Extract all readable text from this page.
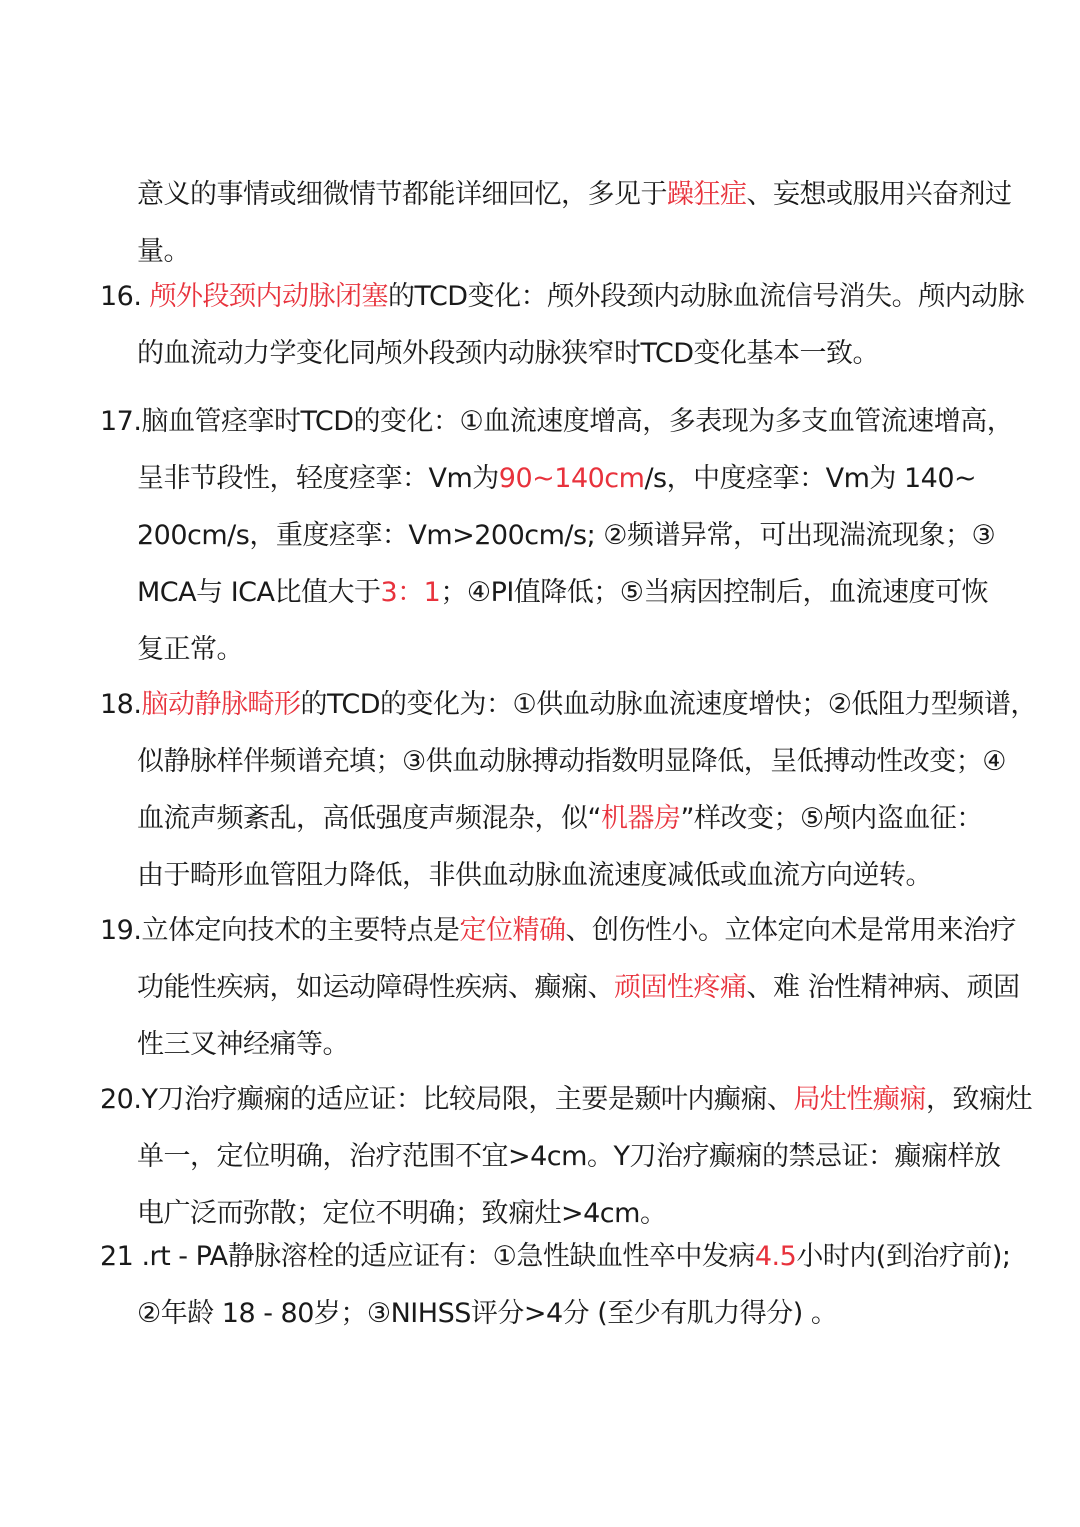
意义的事情或细微情节都能详细回忆，多见于躁狂症、妄想或服用兴奋剂过
量。
16. 颅外段颈内动脉闭塞的TCD变化：颅外段颈内动脉血流信号消失。颅内动脉
的血流动力学变化同颅外段颈内动脉狭窄时TCD变化基本一致。
17.脑血管痉挛时TCD的变化：①血流速度增高，多表现为多支血管流速增高，
呈非节段性，轻度痉挛：Vm为90~140cm/s，中度痉挛：Vm为 140~
200cm/s，重度痉挛：Vm>200cm/s; ②频谱异常，可出现湍流现象；③
MCA与 ICA比值大于3：1；④PI值降低；⑤当病因控制后，血流速度可恢
复正常。
18.脑动静脉畸形的TCD的变化为：①供血动脉血流速度增快；②低阻力型频谱，
似静脉样伴频谱充填；③供血动脉搏动指数明显降低，呈低搏动性改变；④
血流声频紊乱，高低强度声频混杂，似“机器房”样改变；⑤颅内盗血征：
由于畸形血管阻力降低，非供血动脉血流速度减低或血流方向逆转。
19.立体定向技术的主要特点是定位精确、创伤性小。立体定向术是常用来治疗
功能性疾病，如运动障碍性疾病、癫痫、顽固性疼痛、难 治性精神病、顽固
性三叉神经痛等。
20.Y刀治疗癫痫的适应证：比较局限，主要是颞叶内癫痫、局灶性癫痫，致痫灶
单一，定位明确，治疗范围不宜>4cm。Y刀治疗癫痫的禁忌证：癫痫样放
电广泛而弥散；定位不明确；致痫灶>4cm。
21 .rt - PA静脉溶栓的适应证有：①急性缺血性卒中发病4.5小时内(到治疗前);
②年龄 18 - 80岁；③NIHSS评分>4分 (至少有肌力得分) 。
